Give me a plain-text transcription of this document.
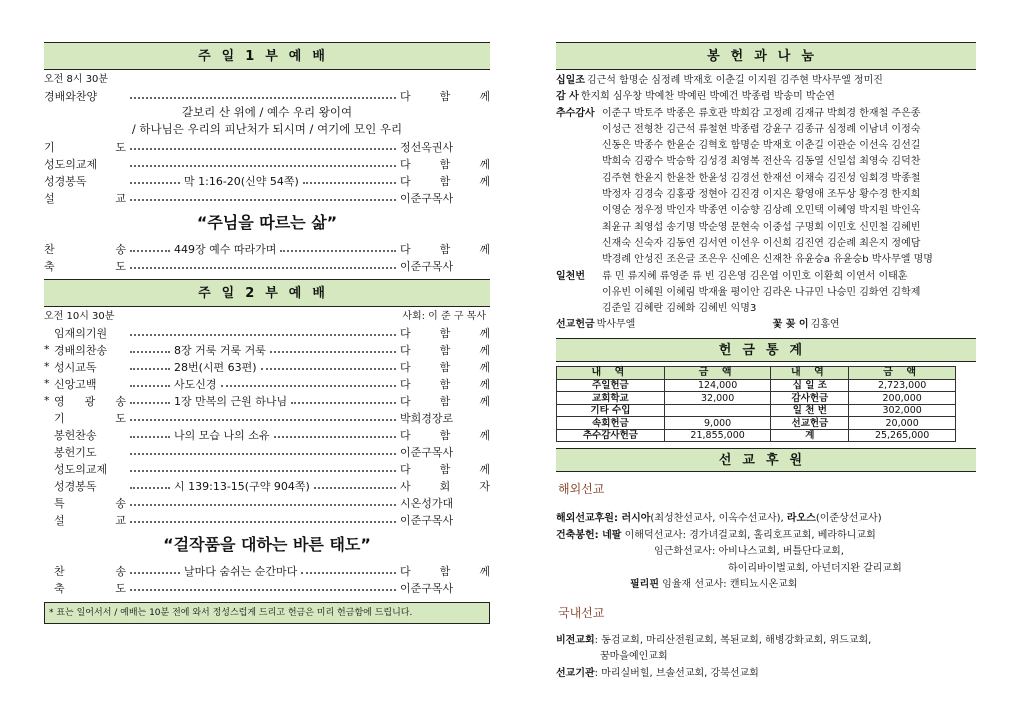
주일1부예배
오전 8시 30분
경배와찬양	다 함 께
갈보리 산 위에 / 예수 우리 왕이여
/ 하나님은 우리의 피난처가 되시며 / 여기에 모인 우리
기 도	정선옥권사
성도의교제	다 함 께
성경봉독	막 1:16-20(신약 54쪽)	다 함 께
설 교	이준구목사
“주님을 따르는 삶”
찬 송	449장 예수 따라가며	다 함 께
축 도	이준구목사
주일2부예배
오전 10시 30분	사회: 이 준 구 목사
임재의기원	다 함 께
* 경배의찬송	8장 거룩 거룩 거룩	다 함 께
* 성시교독	28번(시편 63편)	다 함 께
* 신앙고백	사도신경	다 함 께
* 영 광 송	1장 만복의 근원 하나님	다 함 께
기 도	박희경장로
봉헌찬송	나의 모습 나의 소유	다 함 께
봉헌기도	이준구목사
성도의교제	다 함 께
성경봉독	시 139:13-15(구약 904쪽)	사 회 자
특 송	시온성가대
설 교	이준구목사
“걸작품을 대하는 바른 태도”
찬 송	날마다 숨쉬는 순간마다	다 함 께
축 도	이준구목사
* 표는 일어서서 / 예배는 10분 전에 와서 정성스럽게 드리고 헌금은 미리 헌금함에 드립니다.
봉헌과나눔
십일조 김근석 함명순 심정례 박재호 이춘길 이지원 김주현 박사무엘 정미진
감 사 한지희 심우창 박예찬 박예린 박예건 박종렵 박송미 박순연
추수감사 이준구 박토주 박종은 류호관 박희감 고정례 김재규 박희경 한재철 주은종
이성근 전형찬 김근석 류철현 박종렵 강윤구 김종규 심정례 이남녀 이정숙
신동은 박종수 한윤순 김혁호 함명순 박재호 이춘길 이관순 이선옥 김선길
박희숙 김광수 박승학 김성경 최영복 전산옥 김동열 신일섭 최영숙 김덕찬
김주현 한윤지 한윤찬 한윤성 김경선 한재선 이채숙 김진성 임회경 박종철
박정자 김경숙 김홍광 정현아 김진경 이지은 황영애 조두상 황수경 한지희
이영순 정우정 박인자 박종연 이승향 김상례 오민택 이혜영 박지원 박인옥
최윤규 최영섭 송기명 박순영 문현숙 이중섭 구명회 이민호 신민철 김혜빈
신재숙 신숙자 김동연 김서연 이선우 이신희 김진연 김순례 최은지 정예담
박경례 안성진 조은글 조은우 신예은 신재찬 유윤승a 유윤승b 박사무엘 명명
일천번	류 민 류지혜 류영준 류 빈 김은영 김은엽 이민호 이환희 이연서 이태훈
이유빈 이혜원 이혜림 박재율 평이안 김라온 나규민 나승민 김화연 김학제
김준일 김혜란 김혜화 김혜빈 익명3
선교헌금 박사무엘	꽃 꽂 이 김홍연
헌금통계
내 역	금 액	내 역	금 액
주일헌금	124,000	십 일 조	2,723,000
교회학교	32,000	감사헌금	200,000
기타 수입		일 천 번	302,000
속회헌금	9,000	선교헌금	20,000
추수감사헌금	21,855,000	계	25,265,000
선교후원
해외선교
해외선교후원: 러시아(최성찬선교사, 이옥수선교사), 라오스(이준상선교사)
건축봉헌: 네팔 이해덕선교사: 경가녀걸교회, 홀리호프교회, 베라하니교회
임근화선교사: 아비나스교회, 버틀단다교회,
하이리바이벌교회, 아넌더지완 갈리교회
필리핀 임율재 선교사: 캔티뇨시온교회
국내선교
비전교회: 동검교회, 마리산전원교회, 복된교회, 해병강화교회, 위드교회,
꿈마을예인교회
선교기관: 마리실버힐, 브솔선교회, 강북선교회
